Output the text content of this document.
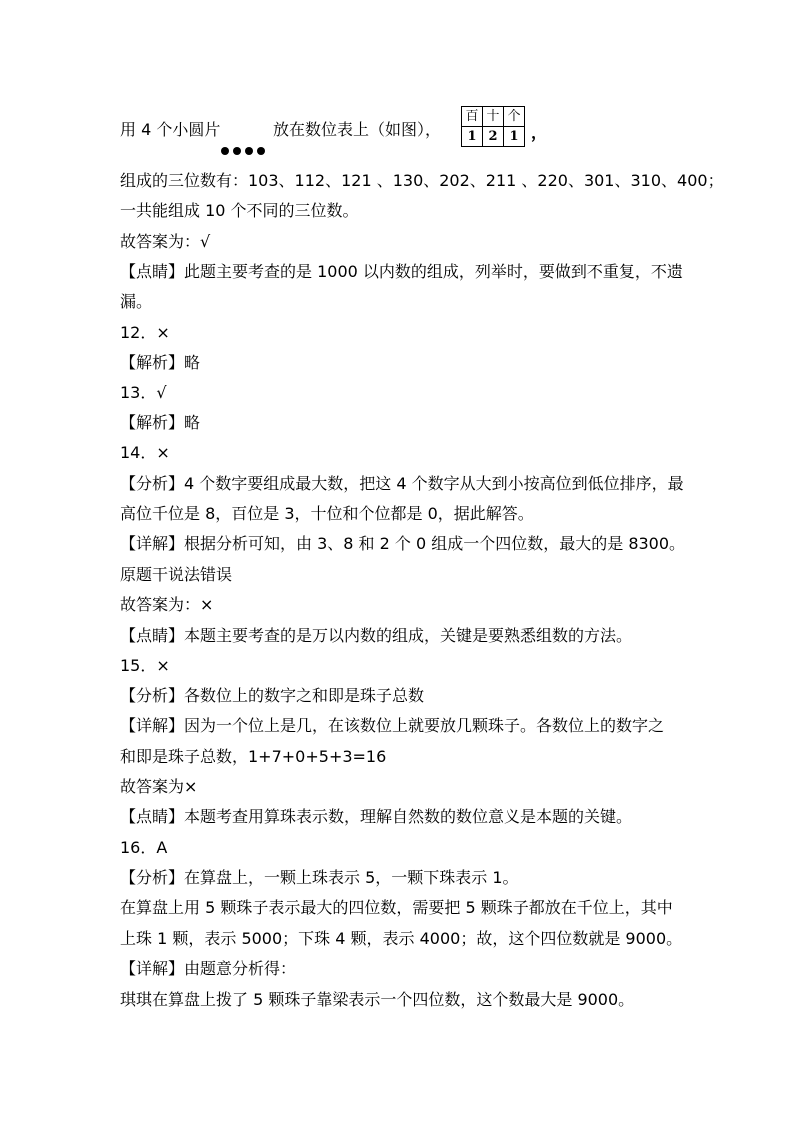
用 4 个小圆片	放在数位表上（如图），
百	十	个
1	2	1 ，
组成的三位数有：103、112、121 、130、202、211 、220、301、310、400；
一共能组成 10 个不同的三位数。
故答案为：√
【点睛】此题主要考查的是 1000 以内数的组成，列举时，要做到不重复，不遗
漏。
12．×
【解析】略
13．√
【解析】略
14．×
【分析】4 个数字要组成最大数，把这 4 个数字从大到小按高位到低位排序，最
高位千位是 8，百位是 3，十位和个位都是 0，据此解答。
【详解】根据分析可知，由 3、8 和 2 个 0 组成一个四位数，最大的是 8300。
原题干说法错误
故答案为：×
【点睛】本题主要考查的是万以内数的组成，关键是要熟悉组数的方法。
15．×
【分析】各数位上的数字之和即是珠子总数
【详解】因为一个位上是几，在该数位上就要放几颗珠子。各数位上的数字之
和即是珠子总数，1+7+0+5+3=16
故答案为×
【点睛】本题考查用算珠表示数，理解自然数的数位意义是本题的关键。
16．A
【分析】在算盘上，一颗上珠表示 5，一颗下珠表示 1。
在算盘上用 5 颗珠子表示最大的四位数，需要把 5 颗珠子都放在千位上，其中
上珠 1 颗，表示 5000；下珠 4 颗，表示 4000；故，这个四位数就是 9000。
【详解】由题意分析得：
琪琪在算盘上拨了 5 颗珠子靠梁表示一个四位数，这个数最大是 9000。
